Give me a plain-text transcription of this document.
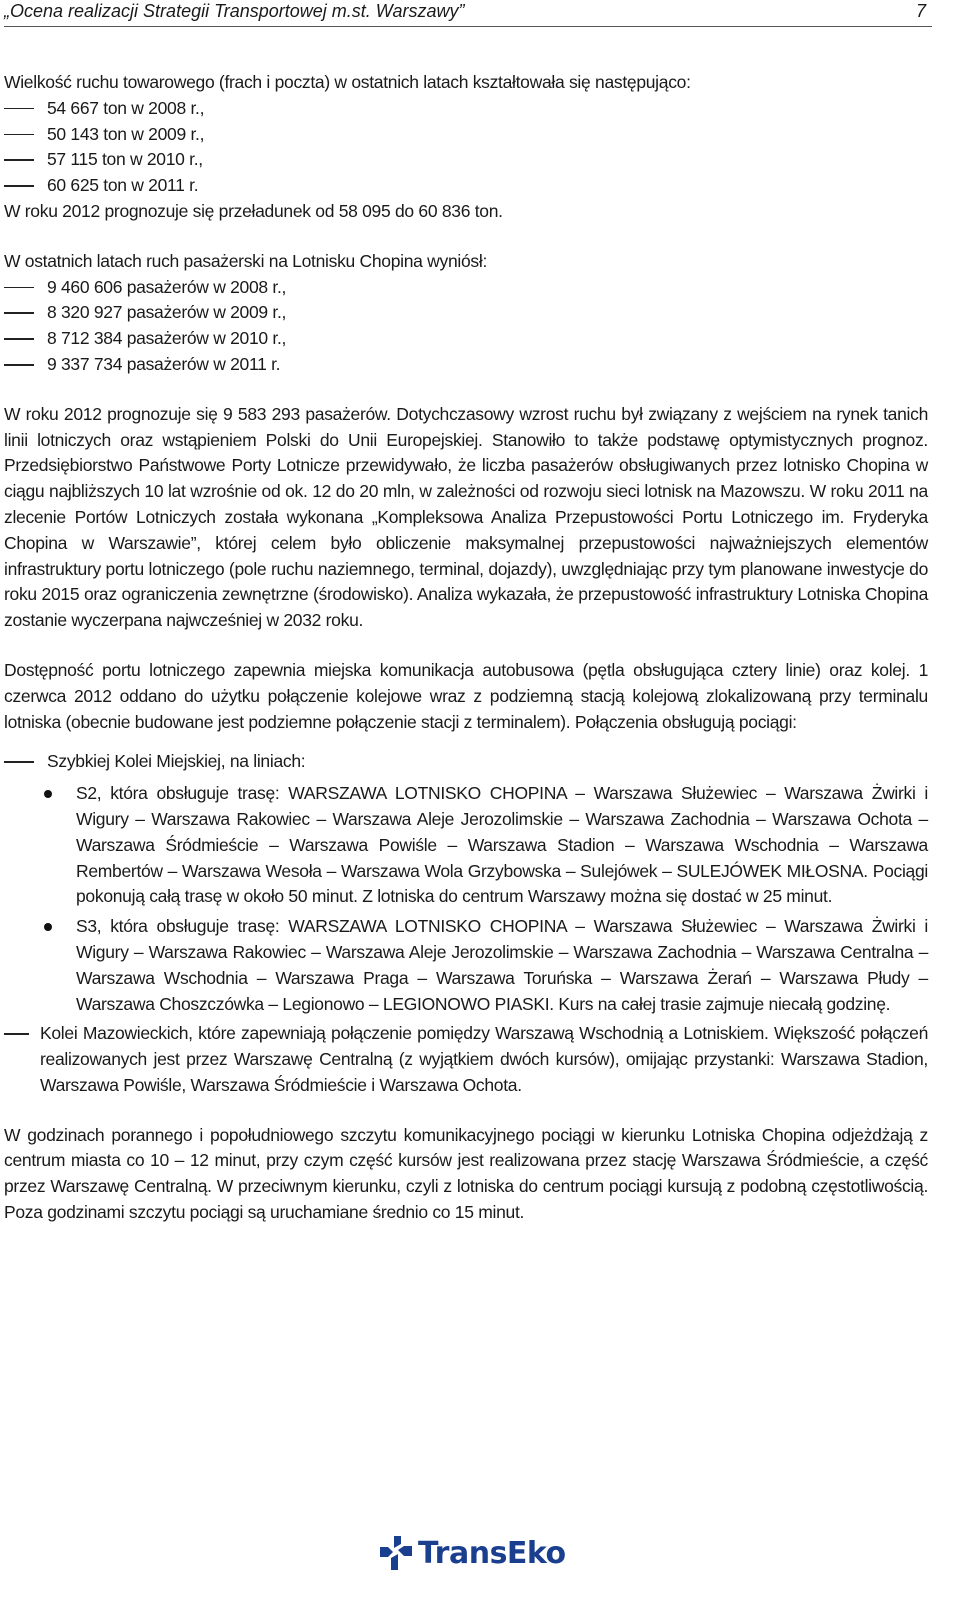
„Ocena realizacji Strategii Transportowej m.st. Warszawy”	7

Wielkość ruchu towarowego (frach i poczta) w ostatnich latach kształtowała się następująco:

54 667 ton w 2008 r.,
50 143 ton w 2009 r.,
57 115 ton w 2010 r.,
60 625 ton w 2011 r.

W roku 2012 prognozuje się przeładunek od 58 095 do 60 836 ton.

W ostatnich latach ruch pasażerski na Lotnisku Chopina wyniósł:

9 460 606 pasażerów w 2008 r.,
8 320 927 pasażerów w 2009 r.,
8 712 384 pasażerów w 2010 r.,
9 337 734 pasażerów w 2011 r.

W roku 2012 prognozuje się 9 583 293 pasażerów. Dotychczasowy wzrost ruchu był związany z wejściem na rynek tanich linii lotniczych oraz wstąpieniem Polski do Unii Europejskiej. Stanowiło to także podstawę optymistycznych prognoz. Przedsiębiorstwo Państwowe Porty Lotnicze przewidywało, że liczba pasażerów obsługiwanych przez lotnisko Chopina w ciągu najbliższych 10 lat wzrośnie od ok. 12 do 20 mln, w zależności od rozwoju sieci lotnisk na Mazowszu. W roku 2011 na zlecenie Portów Lotniczych została wykonana „Kompleksowa Analiza Przepustowości Portu Lotniczego im. Fryderyka Chopina w Warszawie”, której celem było obliczenie maksymalnej przepustowości najważniejszych elementów infrastruktury portu lotniczego (pole ruchu naziemnego, terminal, dojazdy), uwzględniając przy tym planowane inwestycje do roku 2015 oraz ograniczenia zewnętrzne (środowisko). Analiza wykazała, że przepustowość infrastruktury Lotniska Chopina zostanie wyczerpana najwcześniej w 2032 roku.

Dostępność portu lotniczego zapewnia miejska komunikacja autobusowa (pętla obsługująca cztery linie) oraz kolej. 1 czerwca 2012 oddano do użytku połączenie kolejowe wraz z podziemną stacją kolejową zlokalizowaną przy terminalu lotniska (obecnie budowane jest podziemne połączenie stacji z terminalem). Połączenia obsługują pociągi:

Szybkiej Kolei Miejskiej, na liniach:
S2, która obsługuje trasę: WARSZAWA LOTNISKO CHOPINA – Warszawa Służewiec – Warszawa Żwirki i Wigury – Warszawa Rakowiec – Warszawa Aleje Jerozolimskie – Warszawa Zachodnia – Warszawa Ochota – Warszawa Śródmieście – Warszawa Powiśle – Warszawa Stadion – Warszawa Wschodnia – Warszawa Rembertów – Warszawa Wesoła – Warszawa Wola Grzybowska – Sulejówek – SULEJÓWEK MIŁOSNA. Pociągi pokonują całą trasę w około 50 minut. Z lotniska do centrum Warszawy można się dostać w 25 minut.
S3, która obsługuje trasę: WARSZAWA LOTNISKO CHOPINA – Warszawa Służewiec – Warszawa Żwirki i Wigury – Warszawa Rakowiec – Warszawa Aleje Jerozolimskie – Warszawa Zachodnia – Warszawa Centralna – Warszawa Wschodnia – Warszawa Praga – Warszawa Toruńska – Warszawa Żerań – Warszawa Płudy – Warszawa Choszczówka – Legionowo – LEGIONOWO PIASKI. Kurs na całej trasie zajmuje niecałą godzinę.
Kolei Mazowieckich, które zapewniają połączenie pomiędzy Warszawą Wschodnią a Lotniskiem. Większość połączeń realizowanych jest przez Warszawę Centralną (z wyjątkiem dwóch kursów), omijając przystanki: Warszawa Stadion, Warszawa Powiśle, Warszawa Śródmieście i Warszawa Ochota.

W godzinach porannego i popołudniowego szczytu komunikacyjnego pociągi w kierunku Lotniska Chopina odjeżdżają z centrum miasta co 10 – 12 minut, przy czym część kursów jest realizowana przez stację Warszawa Śródmieście, a część przez Warszawę Centralną. W przeciwnym kierunku, czyli z lotniska do centrum pociągi kursują z podobną częstotliwością. Poza godzinami szczytu pociągi są uruchamiane średnio co 15 minut.

TransEko
